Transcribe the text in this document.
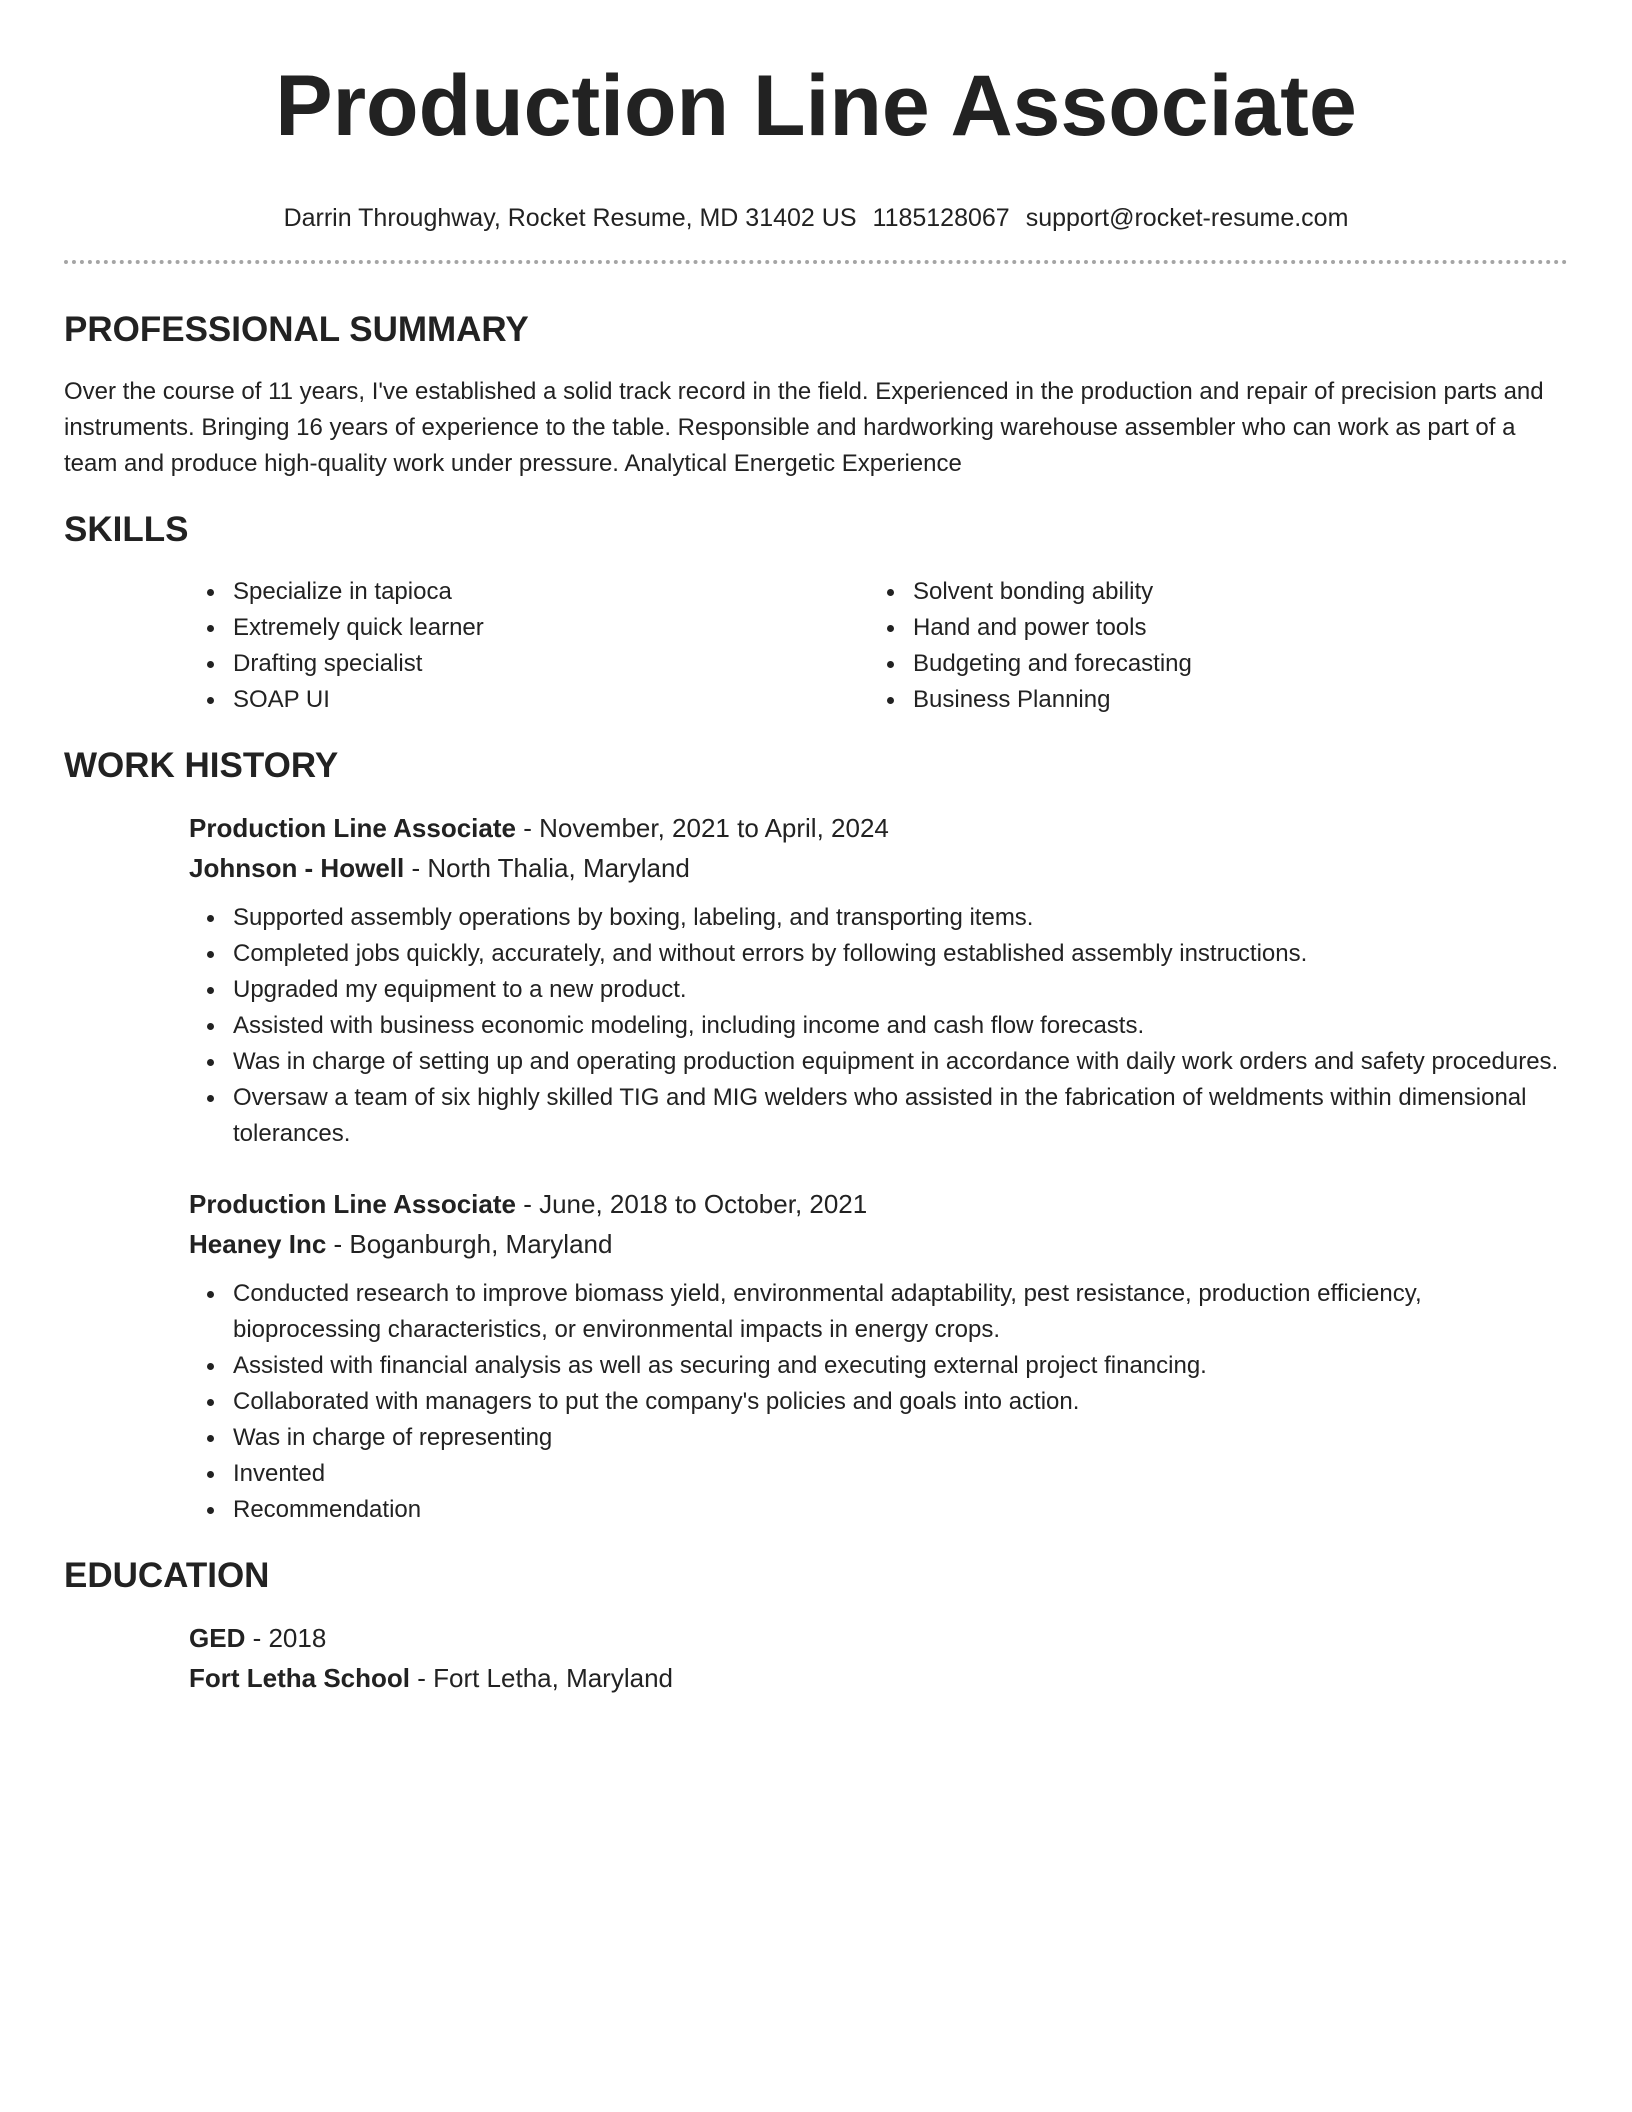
Production Line Associate
Darrin Throughway, Rocket Resume, MD 31402 US 1185128067 support@rocket-resume.com
PROFESSIONAL SUMMARY

Over the course of 11 years, I've established a solid track record in the field. Experienced in the production and repair of precision parts and instruments. Bringing 16 years of experience to the table. Responsible and hardworking warehouse assembler who can work as part of a team and produce high-quality work under pressure. Analytical Energetic Experience

SKILLS
Specialize in tapioca
Extremely quick learner
Drafting specialist
SOAP UI
Solvent bonding ability
Hand and power tools
Budgeting and forecasting
Business Planning
WORK HISTORY
Production Line Associate - November, 2021 to April, 2024
Johnson - Howell - North Thalia, Maryland
Supported assembly operations by boxing, labeling, and transporting items.
Completed jobs quickly, accurately, and without errors by following established assembly instructions.
Upgraded my equipment to a new product.
Assisted with business economic modeling, including income and cash flow forecasts.
Was in charge of setting up and operating production equipment in accordance with daily work orders and safety procedures.
Oversaw a team of six highly skilled TIG and MIG welders who assisted in the fabrication of weldments within dimensional tolerances.
Production Line Associate - June, 2018 to October, 2021
Heaney Inc - Boganburgh, Maryland
Conducted research to improve biomass yield, environmental adaptability, pest resistance, production efficiency, bioprocessing characteristics, or environmental impacts in energy crops.
Assisted with financial analysis as well as securing and executing external project financing.
Collaborated with managers to put the company's policies and goals into action.
Was in charge of representing
Invented
Recommendation
EDUCATION
GED - 2018
Fort Letha School - Fort Letha, Maryland
